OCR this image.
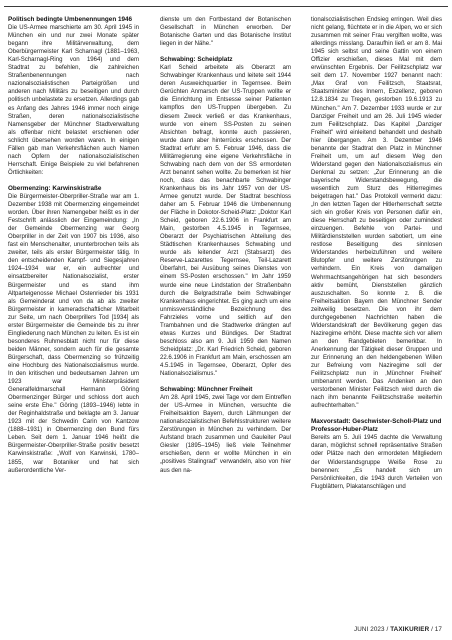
Politisch bedingte Umbenennungen 1946

Die US-Armee marschierte am 30. April 1945 in München ein und nur zwei Monate später begann ihre Militärverwaltung, dem Oberbürgermeister Karl Scharnagl (1881–1963, Karl-Scharnagl-Ring von 1964) und dem Stadtrat zu befehlen, die zahlreichen Straßenbenennungen nach nazionalsozialistischen Parteigrößen und anderen nach Militärs zu beseitigen und durch politisch unbelastete zu ersetzen. Allerdings gab es Anfang des Jahres 1946 immer noch einige Straßen, deren nationalsozialistische Namensgeber der Münchner Stadtverwaltung als offenbar nicht belastet erschienen oder schlicht übersehen worden waren. In einigen Fällen gab man Verkehrsflächen auch Namen nach Opfern der nationalsozialistischen Herrschaft. Einige Beispiele zu viel befahrenen Örtlichkeiten:

Obermenzing: Karwinskistraße

Die Bürgermeister-Oberpriller-Straße war am 1. Dezember 1938 mit Obermenzing eingemeindet worden. Über ihren Namengeber heißt es in der Festschrift anlässlich der Eingemeindung: „In der Gemeinde Obermenzing war Georg Oberpriller in der Zeit von 1907 bis 1936, also fast ein Menschenalter, ununterbrochen teils als zweiter, teils als erster Bürgermeister tätig. In den entscheidenden Kampf- und Siegesjahren 1924–1934 war er, ein aufrechter und einsatzbereiter Nationalsozialist, erster Bürgermeister und es stand ihm Altparteigenosse Michael Ostenrieder bis 1931 als Gemeinderat und von da ab als zweiter Bürgermeister in kameradschaftlicher Mitarbeit zur Seite, um nach Oberprillers Tod [1934] als erster Bürgermeister die Gemeinde bis zu ihrer Eingliederung nach München zu leiten. Es ist ein besonderes Ruhmesblatt nicht nur für diese beiden Männer, sondern auch für die gesamte Bürgerschaft, dass Obermenzing so frühzeitig eine Hochburg des Nationalsozialismus wurde. In den kritischen und bedeutsamen Jahren um 1923 war Ministerpräsident Generalfeldmarschall Hermann Göring Obermenzinger Bürger und schloss dort auch seine erste Ehe." Göring (1893–1946) lebte in der Reginhaldstraße und beklagte am 3. Januar 1923 mit der Schwedin Carin von Kantzow (1888–1931) in Obermenzing den Bund fürs Leben. Seit dem 1. Januar 1946 heißt die Bürgermeister-Oberpriller-Straße positiv besetzt Karwinskistraße: „Wolf von Karwinski, 1780–1855, war Botaniker und hat sich außerordentliche Ver-

dienste um den Fortbestand der Botanischen Gesellschaft in München erworben. Der Botanische Garten und das Botanische Institut liegen in der Nähe."

Schwabing: Scheidplatz

Karl Scheid arbeitete als Oberarzt am Schwabinger Krankenhaus und leitete seit 1944 deren Ausweichquartier in Tegernsee. Beim Gerüchten Anmarsch der US-Truppen wollte er die Einrichtung im Entsesse seiner Patienten kampflos den US-Truppen übergeben. Zu diesem Zweck verließ er das Krankenhaus, wurde von einem SS-Posten zu seinen Absichten befragt, konnte auch passieren, wurde dann aber hinterrücks erschossen. Der Stadtrat erfuhr am 5. Februar 1946, dass die Militärregierung eine eigene Verkehrsfläche in Schwabing nach dem von der SS ermordeten Arzt benannt sehen wollte. Zu bemerken ist hier noch, dass das benachbarte Schwabinger Krankenhaus bis ins Jahr 1957 von der US-Armee genutzt wurde. Der Stadtrat beschloss daher am 5. Februar 1946 die Umbenennung der Fläche in Dokotor-Scheid-Platz: „Doktor Karl Scheid, geboren 22.6.1906 in Frankfurt am Main, gestorben 4.5.1945 in Tegernsee, Oberarzt der Psychiatrischen Abteilung des Städtischen Krankenhauses Schwabing und wurde als leitender Arzt (Stabsarzt) des Reserve-Lazarettes Tegernsee, Teil-Lazarett Überfahrt, bei Ausübung seines Dienstes von einem SS-Posten erschossen." Im Jahr 1959 wurde eine neue Lindstation der Straßenbahn durch die Belgradstraße beim Schwabinger Krankenhaus eingerichtet. Es ging auch um eine unmissverständliche Bezeichnung des Fahrzieles vorne und seitlich auf den Trambahnen und die Stadtwerke drängten auf etwas Kurzes und Bündiges. Der Stadtrat beschloss also am 9. Juli 1959 den Namen Scheidplatz: „Dr. Karl Friedrich Scheid, geboren 22.6.1906 in Frankfurt am Main, erschossen am 4.5.1945 in Tegernsee, Oberarzt, Opfer des Nationalsozialismus."

Schwabing: Münchner Freiheit

Am 28. April 1945, zwei Tage vor dem Eintreffen der US-Armee in München, versuchte die Freiheitsaktion Bayern, durch Lähmungen der nationalsozialistischen Befehlsstrukturen weitere Zerstörungen in München zu verhindern. Der Aufstand brach zusammen und Gauleiter Paul Giesler (1895–1945) ließ viele Teilnehmer erschießen, denn er wollte München in ein „positives Stalingrad" verwandeln, also von hier aus den na-

tionalsozialistischen Endsieg erringen. Weil dies nicht gelang, flüchtete er in die Alpen, wo er sich zusammen mit seiner Frau vergiften wollte, was allerdings misslang. Daraufhin ließ er am 8. Mai 1945 sich selbst und seine Gattin von einem Offizier erschießen, dieses Mal mit dem erwünschten Ergebnis. Der Feilitzschplatz war seit dem 17. November 1927 benannt nach: „Max Graf von Feilitzsch, Staatsrat, Staatsminister des Innern, Exzellenz, geboren 12.8.1834 zu Tregen, gestorben 19.6.1913 zu München." Am 7. Dezember 1933 wurde er zur Danziger Freiheit und am 26. Juli 1945 wieder zum Feilitzschplatz. Das Kapitel „Danziger Freiheit" wird einleitend behandelt und deshalb hier übergangen. Am 3. Dezember 1946 benannte der Stadtrat den Platz in Münchner Freiheit um, um auf diesem Weg den Widerstand gegen den Nationalsozialismus ein Denkmal zu setzen: „Zur Erinnerung an die bayerische Widerstandsbewegung, die wesentlich zum Sturz des Hitlerregimes beigetragen hat." Das Protokoll vermerkt dazu: „In den letzten Tagen der Hitlerherrschaft setzte sich ein großer Kreis von Personen dafür ein, diese Herrschaft zu beseitigen oder zumindest einzuengen. Befehle von Partei- und Militärdienststellen wurden sabotiert, um eine restlose Beseitigung des sinnlosen Widerstandes herbeizuführen und weitere Blutopfer und weitere Zerstörungen zu verhindern. Ein Kreis von damaligen Wehrmachtsangehörigen hat sich besonders aktiv bemüht, Dienststellen gänzlich auszuschalten. So konnte z. B. die Freiheitsaktion Bayern den Münchner Sender zeitweilig besetzen. Die von ihr dem durchgegebenen Nachrichten haben die Widerstandskraft der Bevölkerung gegen das Naziregime erhöht. Diese machte sich vor allem an den Randgebieten bemerkbar. In Anerkennung der Tätigkeit dieser Gruppen und zur Erinnerung an den heldengebenen Willen zur Befreiung vom Naziregime soll der Feilitzschplatz nun in ‚Münchner Freiheit' umbenannt werden. Das Andenken an den verstorbenen Minister Feilitzsch wird durch die nach ihm benannte Feilitzschstraße weiterhin aufrechterhalten."

Maxvorstadt: Geschwister-Scholl-Platz und Professor-Huber-Platz

Bereits am 5. Juli 1945 dachte die Verwaltung daran, möglichst schnell repräsentative Straßen oder Plätze nach den ermordeten Mitgliedern der Widerstandsgruppe Weiße Rose zu benennen: „Es handelt sich um Persönlichkeiten, die 1943 durch Verteilen von Flugblättern, Plakatanschlägen und

JUNI 2023 / TAXIKURIER / 17
